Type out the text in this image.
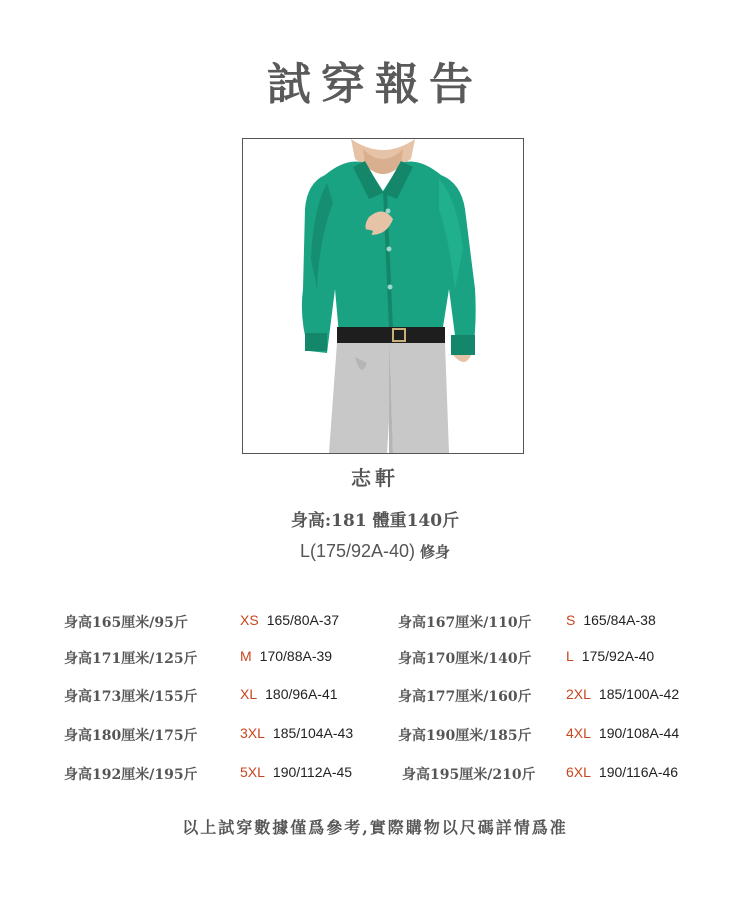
試穿報告
志軒
身高:181 體重140斤
L(175/92A-40) 修身
身高165厘米/95斤	XS 165/80A-37	身高167厘米/110斤 S 165/84A-38
身高171厘米/125斤	M 170/88A-39	身高170厘米/140斤 L 175/92A-40
身高173厘米/155斤	XL 180/96A-41	身高177厘米/160斤 2XL 185/100A-42
身高180厘米/175斤	3XL 185/104A-43	身高190厘米/185斤 4XL 190/108A-44
身高192厘米/195斤	5XL 190/112A-45	身高195厘米/210斤 6XL 190/116A-46
以上試穿數據僅爲參考,實際購物以尺碼詳情爲准
